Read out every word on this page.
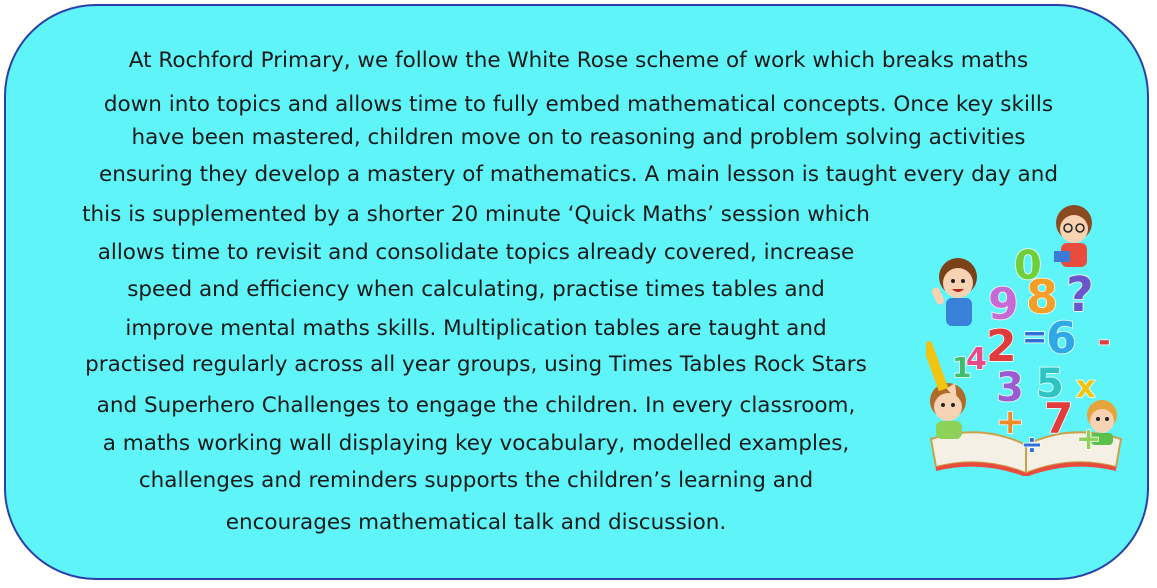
At Rochford Primary, we follow the White Rose scheme of work which breaks maths
down into topics and allows time to fully embed mathematical concepts. Once key skills
have been mastered, children move on to reasoning and problem solving activities
ensuring they develop a mastery of mathematics. A main lesson is taught every day and
this is supplemented by a shorter 20 minute ‘Quick Maths’ session which
allows time to revisit and consolidate topics already covered, increase
speed and efficiency when calculating, practise times tables and
improve mental maths skills. Multiplication tables are taught and
practised regularly across all year groups, using Times Tables Rock Stars
and Superhero Challenges to engage the children. In every classroom,
a maths working wall displaying key vocabulary, modelled examples,
challenges and reminders supports the children’s learning and
encourages mathematical talk and discussion.
0
9 8 ?
6
2 =
4
1 3 5 x
7
+
÷ +
-
